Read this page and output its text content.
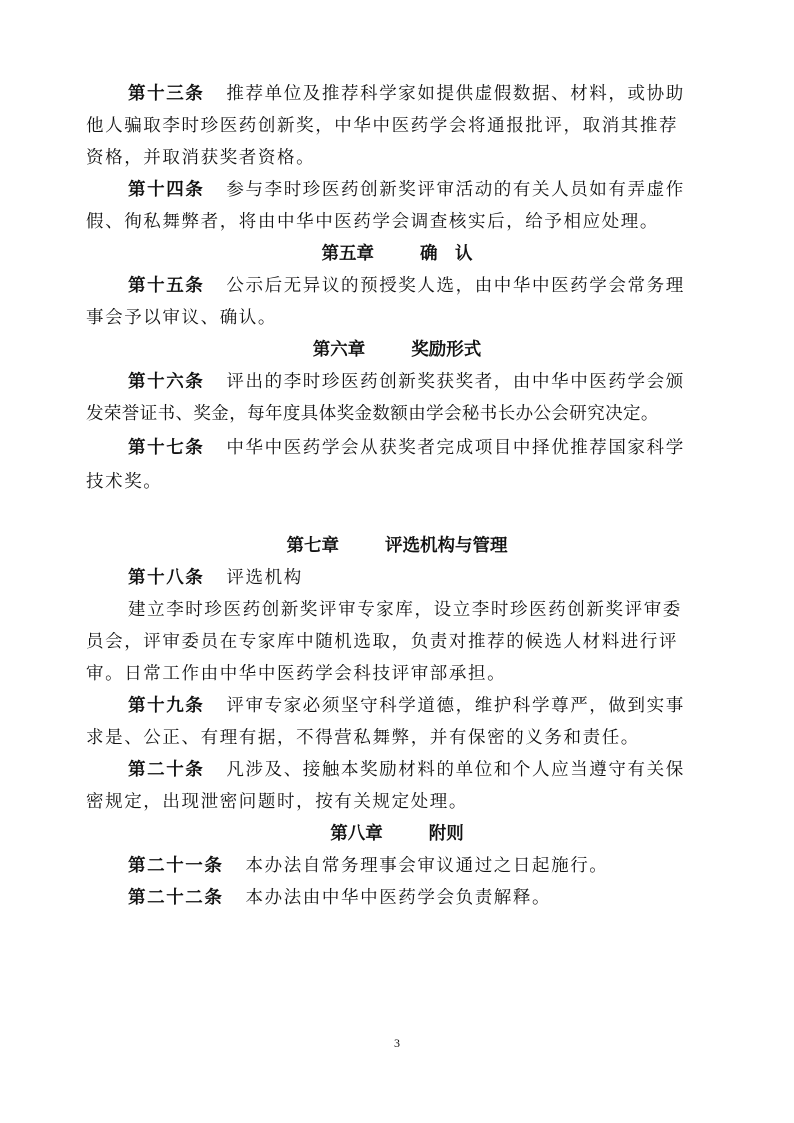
第十三条 推荐单位及推荐科学家如提供虚假数据、材料，或协助
他人骗取李时珍医药创新奖，中华中医药学会将通报批评，取消其推荐
资格，并取消获奖者资格。
第十四条 参与李时珍医药创新奖评审活动的有关人员如有弄虚作
假、徇私舞弊者，将由中华中医药学会调查核实后，给予相应处理。
第五章	确　认
第十五条 公示后无异议的预授奖人选，由中华中医药学会常务理
事会予以审议、确认。
第六章	奖励形式
第十六条 评出的李时珍医药创新奖获奖者，由中华中医药学会颁
发荣誉证书、奖金，每年度具体奖金数额由学会秘书长办公会研究决定。
第十七条 中华中医药学会从获奖者完成项目中择优推荐国家科学
技术奖。
第七章	评选机构与管理
第十八条 评选机构
建立李时珍医药创新奖评审专家库，设立李时珍医药创新奖评审委
员会，评审委员在专家库中随机选取，负责对推荐的候选人材料进行评
审。日常工作由中华中医药学会科技评审部承担。
第十九条 评审专家必须坚守科学道德，维护科学尊严，做到实事
求是、公正、有理有据，不得营私舞弊，并有保密的义务和责任。
第二十条 凡涉及、接触本奖励材料的单位和个人应当遵守有关保
密规定，出现泄密问题时，按有关规定处理。
第八章	附则
第二十一条 本办法自常务理事会审议通过之日起施行。
第二十二条 本办法由中华中医药学会负责解释。
3
